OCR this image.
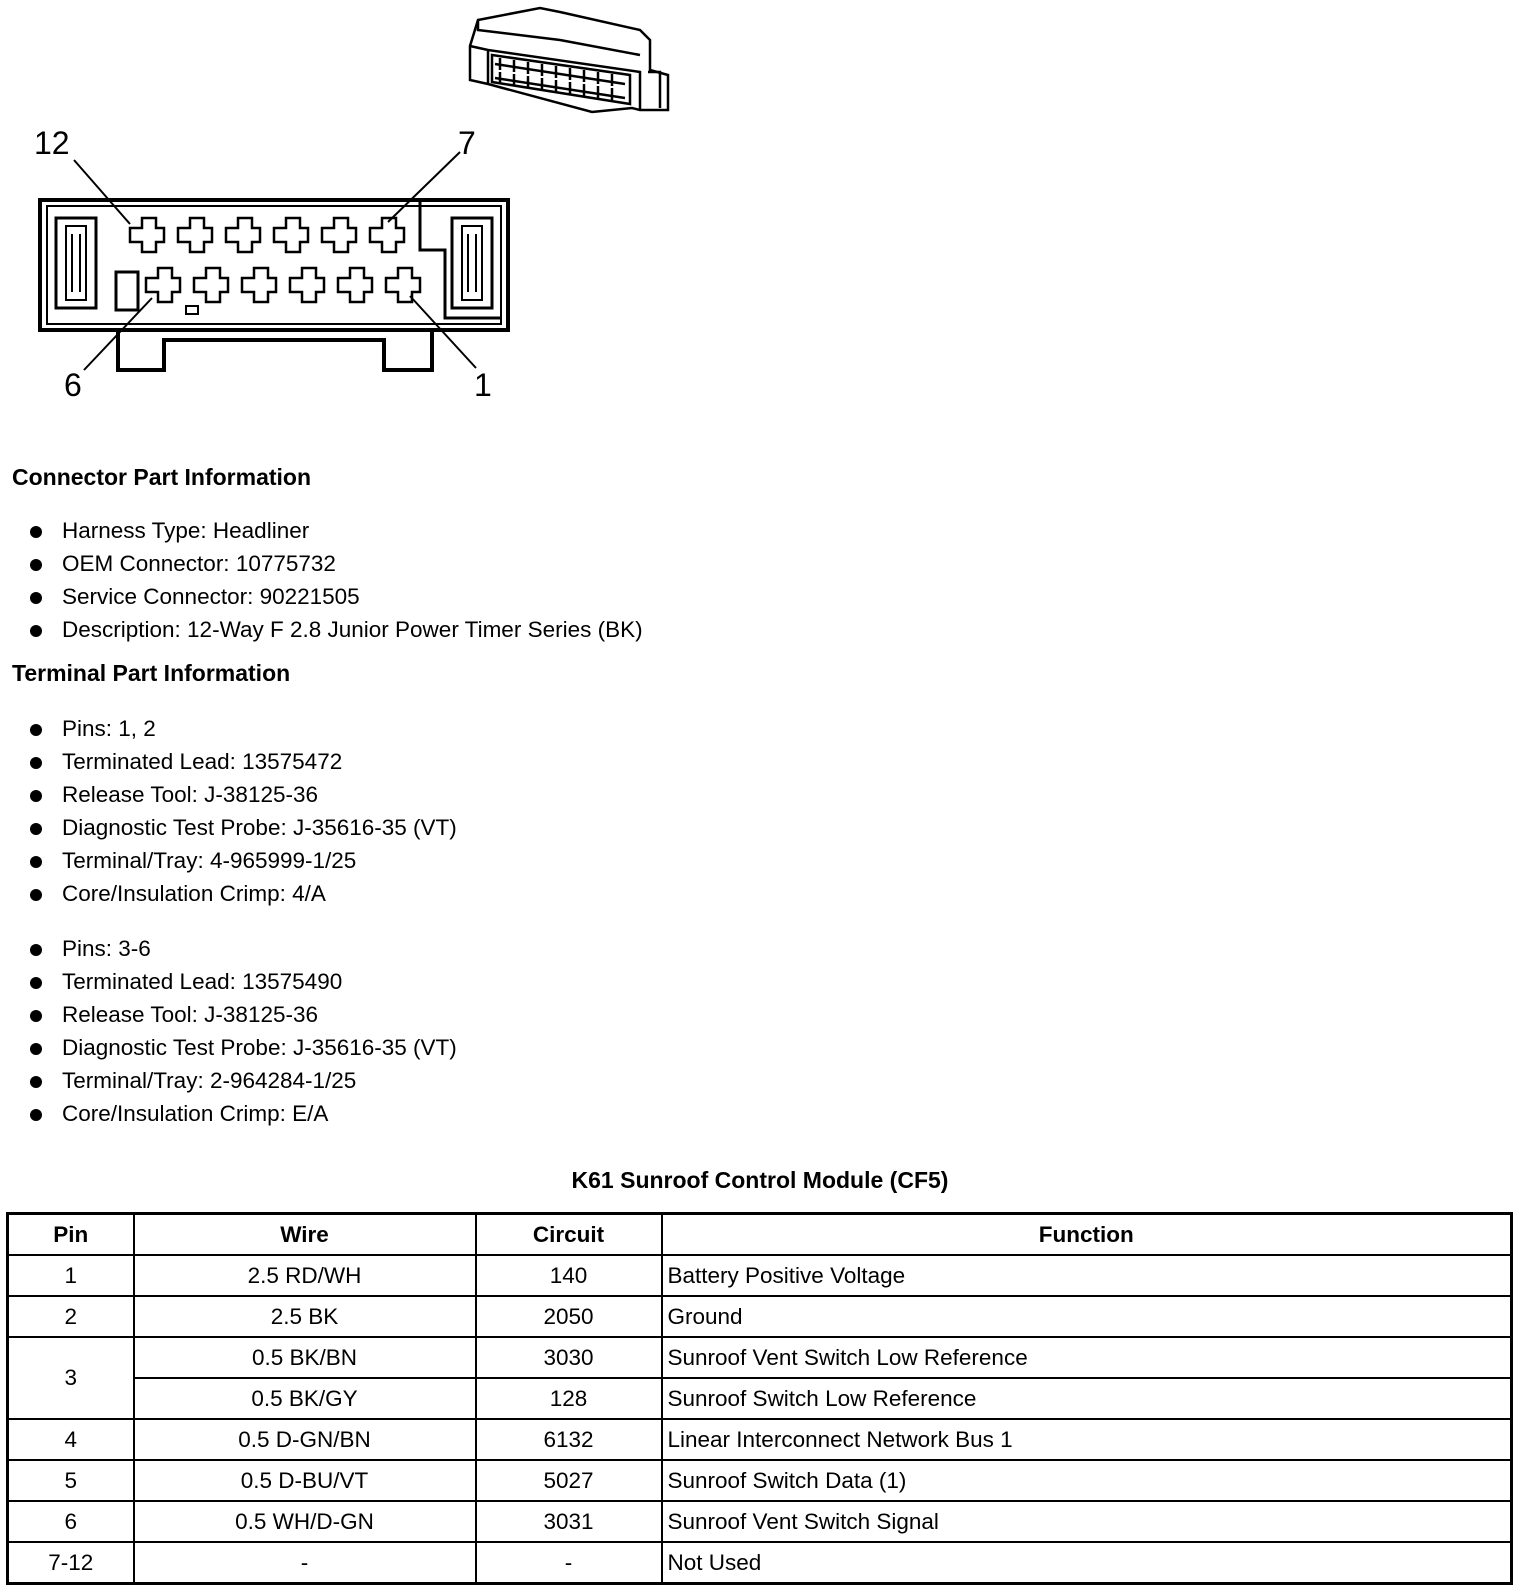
12	7
6	1
Connector Part Information
Harness Type: Headliner
OEM Connector: 10775732
Service Connector: 90221505
Description: 12-Way F 2.8 Junior Power Timer Series (BK)
Terminal Part Information
Pins: 1, 2
Terminated Lead: 13575472
Release Tool: J-38125-36
Diagnostic Test Probe: J-35616-35 (VT)
Terminal/Tray: 4-965999-1/25
Core/Insulation Crimp: 4/A
Pins: 3-6
Terminated Lead: 13575490
Release Tool: J-38125-36
Diagnostic Test Probe: J-35616-35 (VT)
Terminal/Tray: 2-964284-1/25
Core/Insulation Crimp: E/A
K61 Sunroof Control Module (CF5)
Pin	Wire	Circuit	Function
1	2.5 RD/WH	140	Battery Positive Voltage
2	2.5 BK	2050	Ground
3	0.5 BK/BN	3030	Sunroof Vent Switch Low Reference
	0.5 BK/GY	128	Sunroof Switch Low Reference
4	0.5 D-GN/BN	6132	Linear Interconnect Network Bus 1
5	0.5 D-BU/VT	5027	Sunroof Switch Data (1)
6	0.5 WH/D-GN	3031	Sunroof Vent Switch Signal
7-12	-	-	Not Used
